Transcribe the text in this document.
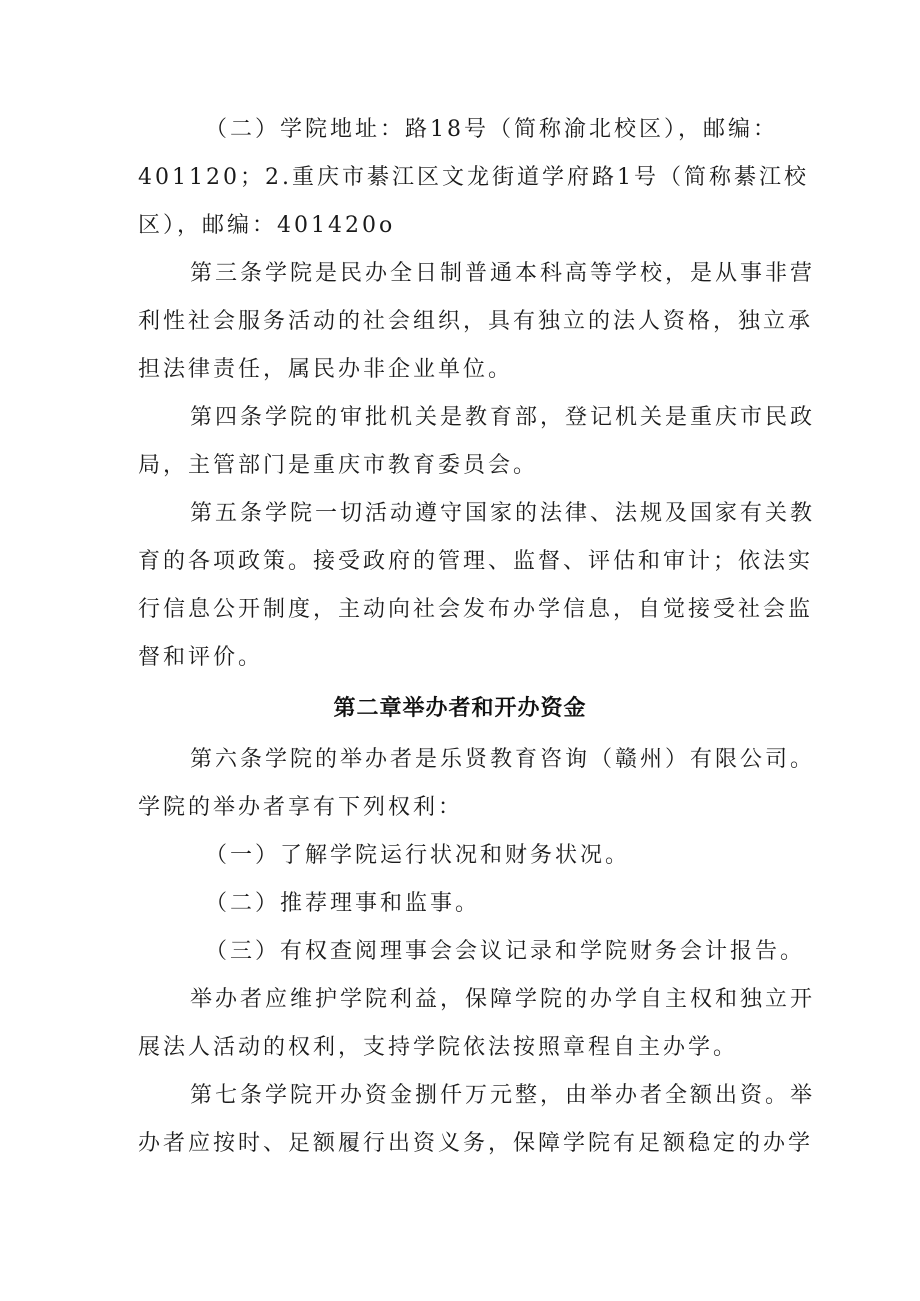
（二）学院地址：路18号（简称渝北校区），邮编：
401120；2.重庆市綦江区文龙街道学府路1号（简称綦江校
区），邮编：401420o
第三条学院是民办全日制普通本科高等学校，是从事非营
利性社会服务活动的社会组织，具有独立的法人资格，独立承
担法律责任，属民办非企业单位。
第四条学院的审批机关是教育部，登记机关是重庆市民政
局，主管部门是重庆市教育委员会。
第五条学院一切活动遵守国家的法律、法规及国家有关教
育的各项政策。接受政府的管理、监督、评估和审计；依法实
行信息公开制度，主动向社会发布办学信息，自觉接受社会监
督和评价。
第二章举办者和开办资金
第六条学院的举办者是乐贤教育咨询（赣州）有限公司。
学院的举办者享有下列权利：
（一）了解学院运行状况和财务状况。
（二）推荐理事和监事。
（三）有权查阅理事会会议记录和学院财务会计报告。
举办者应维护学院利益，保障学院的办学自主权和独立开
展法人活动的权利，支持学院依法按照章程自主办学。
第七条学院开办资金捌仟万元整，由举办者全额出资。举
办者应按时、足额履行出资义务，保障学院有足额稳定的办学
